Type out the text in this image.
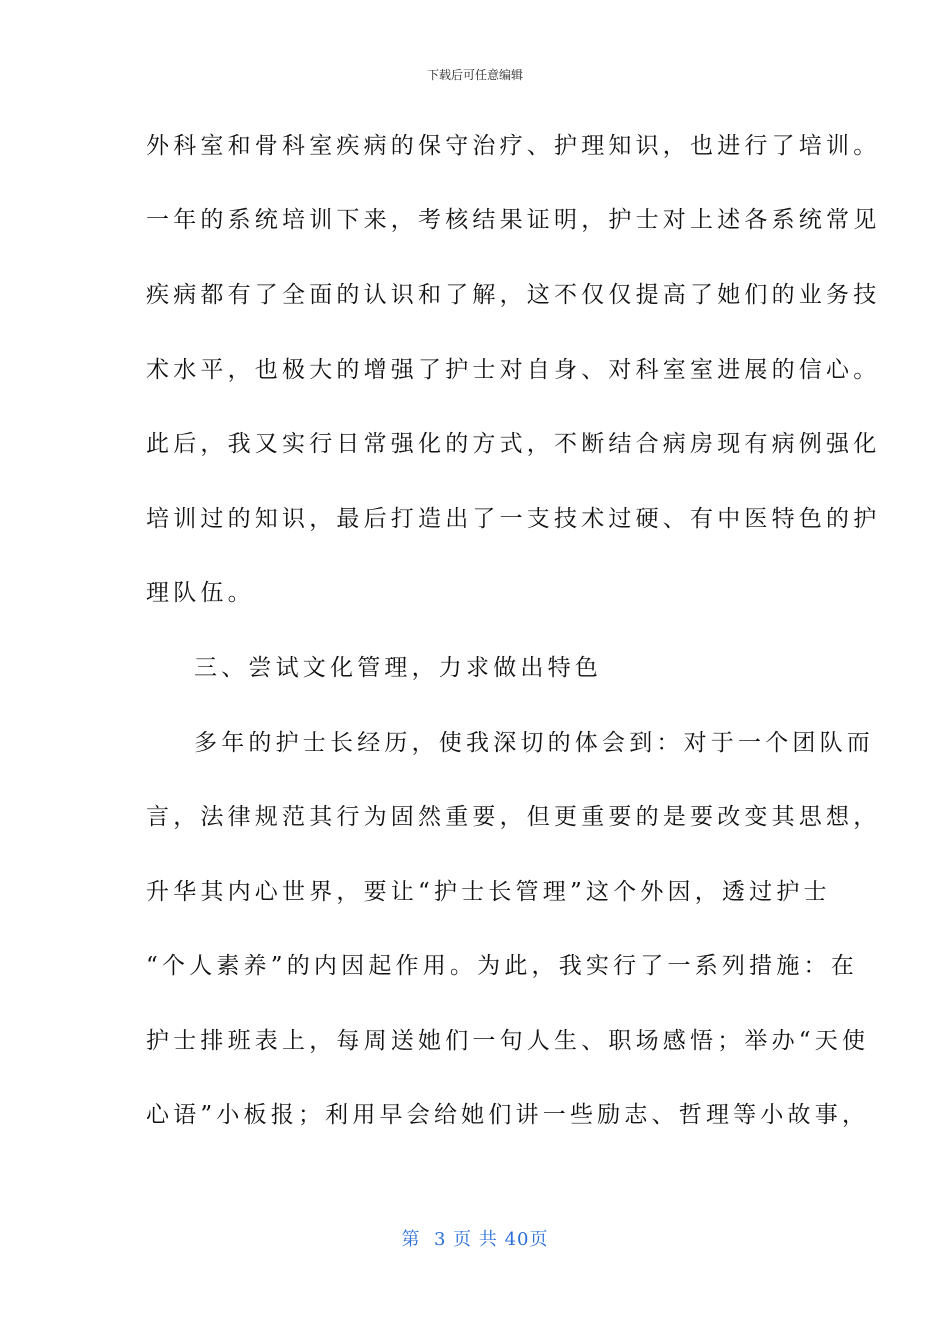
下载后可任意编辑
外科室和骨科室疾病的保守治疗、护理知识，也进行了培训。
一年的系统培训下来，考核结果证明，护士对上述各系统常见
疾病都有了全面的认识和了解，这不仅仅提高了她们的业务技
术水平，也极大的增强了护士对自身、对科室室进展的信心。
此后，我又实行日常强化的方式，不断结合病房现有病例强化
培训过的知识，最后打造出了一支技术过硬、有中医特色的护
理队伍。
三、尝试文化管理，力求做出特色
多年的护士长经历，使我深切的体会到：对于一个团队而
言，法律规范其行为固然重要，但更重要的是要改变其思想，
升华其内心世界，要让“护士长管理”这个外因，透过护士
“个人素养”的内因起作用。为此，我实行了一系列措施：在
护士排班表上，每周送她们一句人生、职场感悟；举办“天使
心语”小板报；利用早会给她们讲一些励志、哲理等小故事，
第  3 页 共 40页
